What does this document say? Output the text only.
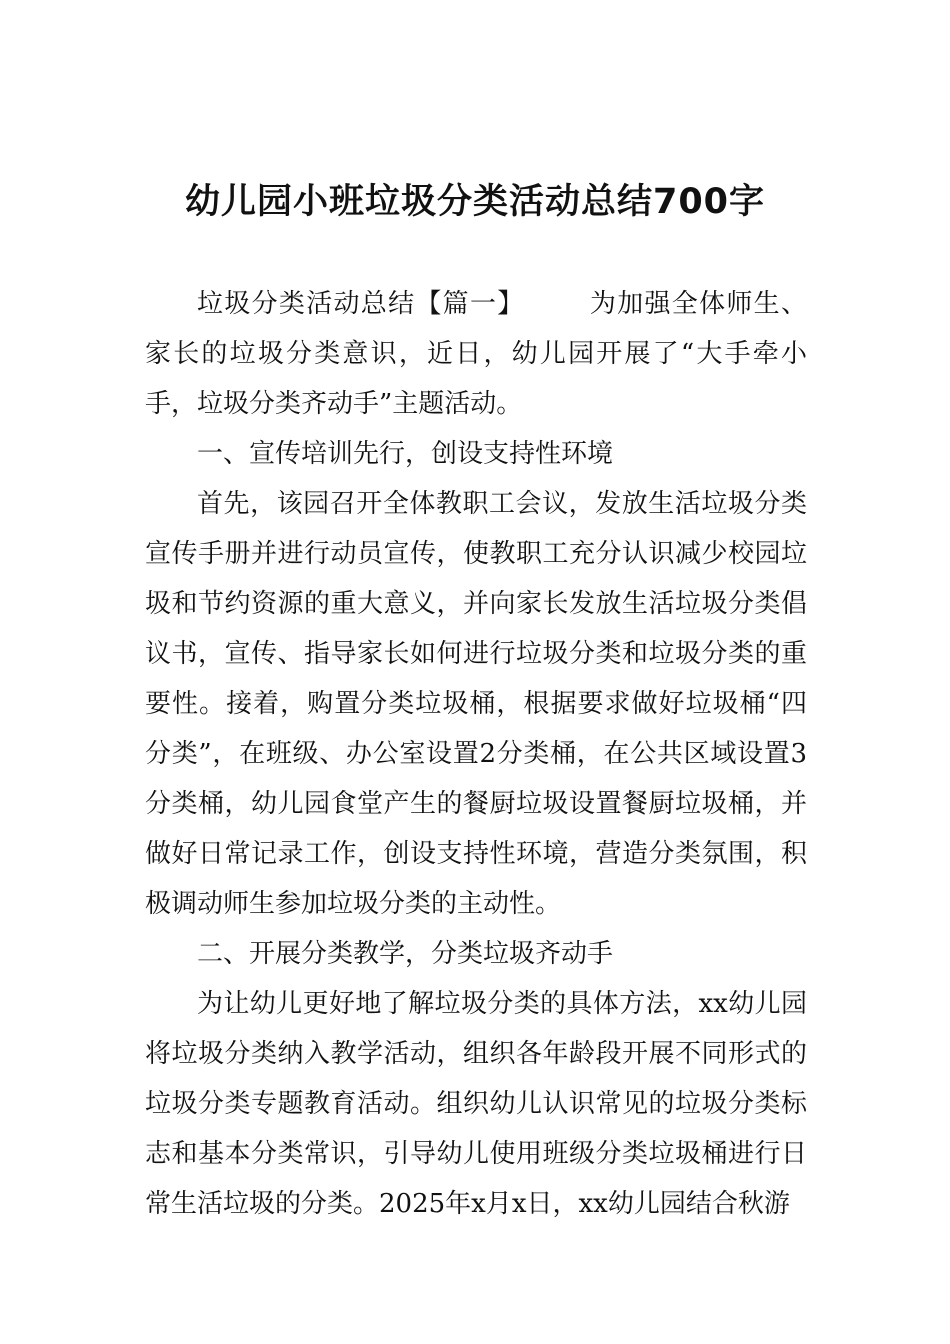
幼儿园小班垃圾分类活动总结700字

垃圾分类活动总结【篇一】 为加强全体师生、家长的垃圾分类意识，近日，幼儿园开展了“大手牵小手，垃圾分类齐动手”主题活动。

一、宣传培训先行，创设支持性环境

首先，该园召开全体教职工会议，发放生活垃圾分类宣传手册并进行动员宣传，使教职工充分认识减少校园垃圾和节约资源的重大意义，并向家长发放生活垃圾分类倡议书，宣传、指导家长如何进行垃圾分类和垃圾分类的重要性。接着，购置分类垃圾桶，根据要求做好垃圾桶“四分类”，在班级、办公室设置2分类桶，在公共区域设置3分类桶，幼儿园食堂产生的餐厨垃圾设置餐厨垃圾桶，并做好日常记录工作，创设支持性环境，营造分类氛围，积极调动师生参加垃圾分类的主动性。

二、开展分类教学，分类垃圾齐动手

为让幼儿更好地了解垃圾分类的具体方法，xx幼儿园将垃圾分类纳入教学活动，组织各年龄段开展不同形式的垃圾分类专题教育活动。组织幼儿认识常见的垃圾分类标志和基本分类常识，引导幼儿使用班级分类垃圾桶进行日常生活垃圾的分类。2025年x月x日，xx幼儿园结合秋游
